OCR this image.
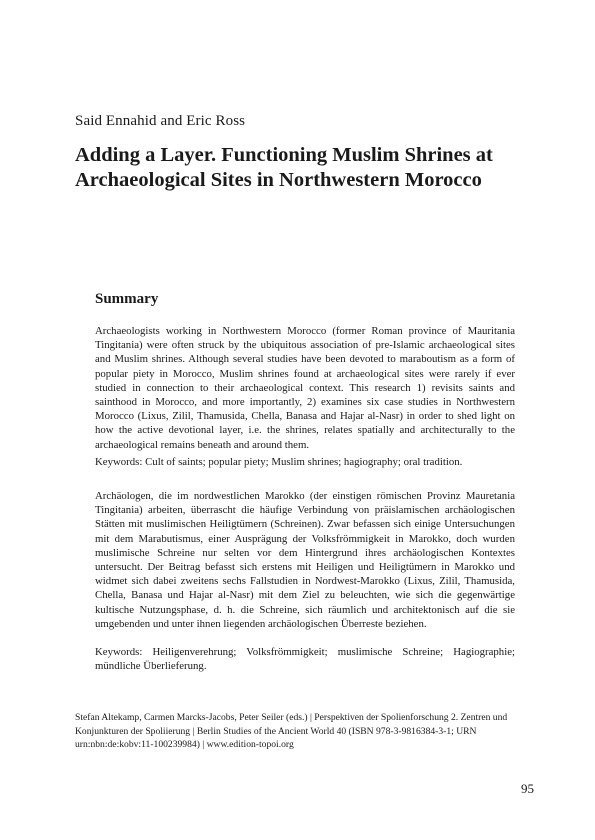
Said Ennahid and Eric Ross
Adding a Layer. Functioning Muslim Shrines at
Archaeological Sites in Northwestern Morocco
Summary
Archaeologists working in Northwestern Morocco (former Roman province of Mauritania Tingitania) were often struck by the ubiquitous association of pre-Islamic archaeological sites and Muslim shrines. Although several studies have been devoted to maraboutism as a form of popular piety in Morocco, Muslim shrines found at archaeological sites were rarely if ever studied in connection to their archaeological context. This research 1) revisits saints and sainthood in Morocco, and more importantly, 2) examines six case studies in Northwestern Morocco (Lixus, Zilil, Thamusida, Chella, Banasa and Hajar al-Nasr) in order to shed light on how the active devotional layer, i.e. the shrines, relates spatially and architecturally to the archaeological remains beneath and around them.
Keywords: Cult of saints; popular piety; Muslim shrines; hagiography; oral tradition.
Archäologen, die im nordwestlichen Marokko (der einstigen römischen Provinz Mauretania Tingitania) arbeiten, überrascht die häufige Verbindung von präislamischen archäologischen Stätten mit muslimischen Heiligtümern (Schreinen). Zwar befassen sich einige Untersuchungen mit dem Marabutismus, einer Ausprägung der Volksfrömmigkeit in Marokko, doch wurden muslimische Schreine nur selten vor dem Hintergrund ihres archäologischen Kontextes untersucht. Der Beitrag befasst sich erstens mit Heiligen und Heiligtümern in Marokko und widmet sich dabei zweitens sechs Fallstudien in Nordwest-Marokko (Lixus, Zilil, Thamusida, Chella, Banasa und Hajar al-Nasr) mit dem Ziel zu beleuchten, wie sich die gegenwärtige kultische Nutzungsphase, d. h. die Schreine, sich räumlich und architektonisch auf die sie umgebenden und unter ihnen liegenden archäologischen Überreste beziehen.
Keywords: Heiligenverehrung; Volksfrömmigkeit; muslimische Schreine; Hagiographie; mündliche Überlieferung.
Stefan Altekamp, Carmen Marcks-Jacobs, Peter Seiler (eds.) | Perspektiven der Spolienforschung 2. Zentren und Konjunkturen der Spoliierung | Berlin Studies of the Ancient World 40 (ISBN 978-3-9816384-3-1; URN urn:nbn:de:kobv:11-100239984) | www.edition-topoi.org
95
